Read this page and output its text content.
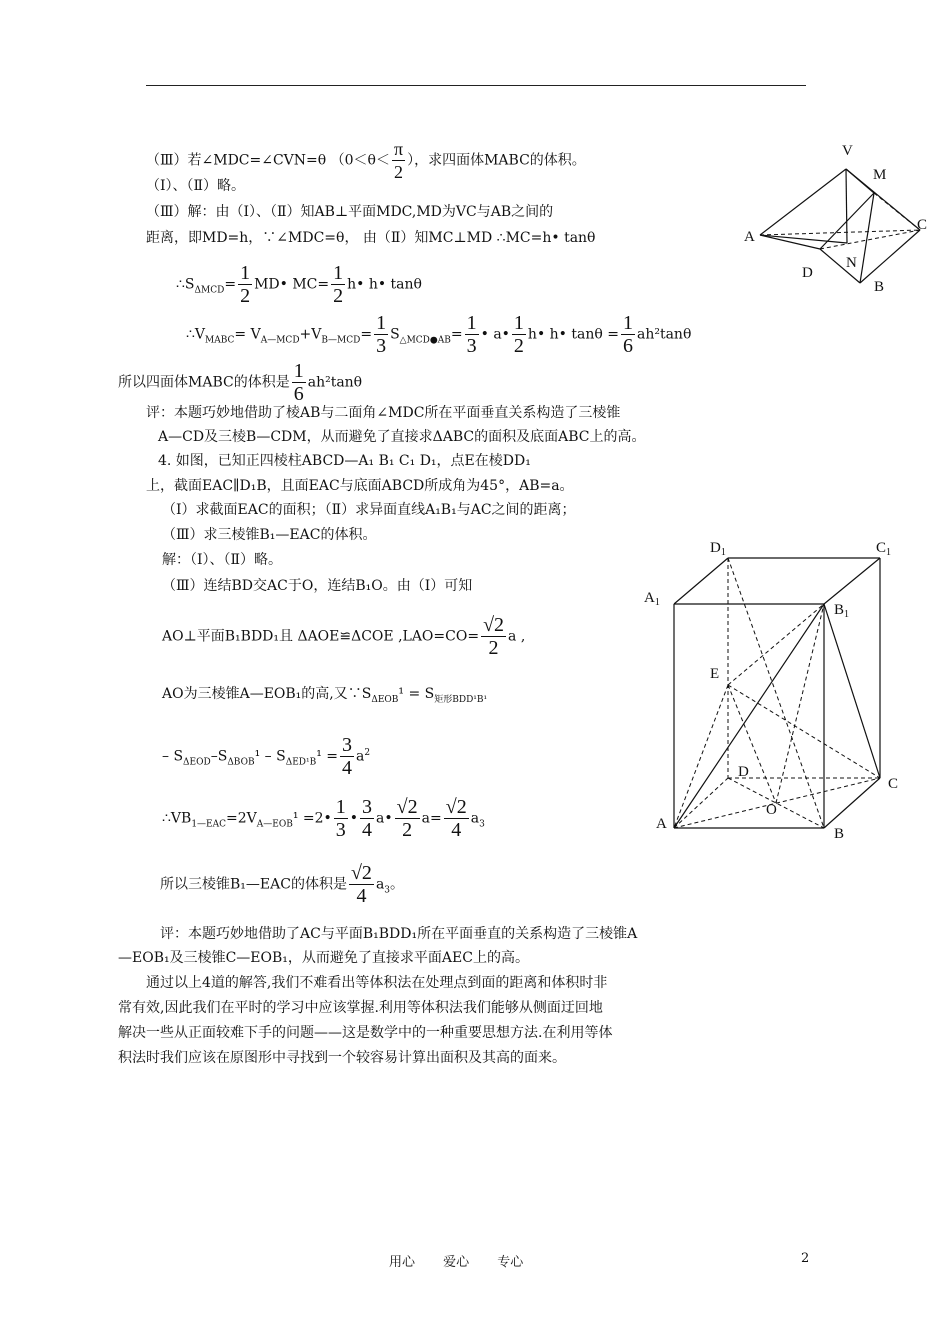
（Ⅲ）若∠MDC=∠CVN=θ （$0<\theta< \frac{\pi}{2}$ ），求四面体MABC的体积。
（Ⅰ）、（Ⅱ）略。
（Ⅲ）解：由（Ⅰ）、（Ⅱ）知AB⊥平面MDC,MD为VC与AB之间的
距离，即MD=h，∵∠MDC=θ， 由（Ⅱ）知MC⊥MD ∴MC=h• tanθ
$\therefore S_{\Delta MCD}= \frac{1}{2}$ MD• $MC= \frac{1}{2}$ h• h• tanθ
$\therefore V_{MABC}= V_{A—MCD}+V_{B—MCD}= \frac{1}{3} S_{\triangle MCD●AB}= \frac{1}{3}$ • a• $\frac{1}{2}$ h• h• $\tan\theta = \frac{1}{6} ah^2\tan\theta$
所以四面体MABC的体积是 $\frac{1}{6} ah^2\tan\theta$
评：本题巧妙地借助了棱AB与二面角∠MDC所在平面垂直关系构造了三棱锥
A—CD及三棱B—CDM，从而避免了直接求ΔABC的面积及底面ABC上的高。
4. 如图，已知正四棱柱ABCD—A₁ B₁ C₁ D₁，点E在棱DD₁
上，截面EAC∥D₁B，且面EAC与底面ABCD所成角为45°，AB=a。
（Ⅰ）求截面EAC的面积；（Ⅱ）求异面直线A₁B₁与AC之间的距离；
（Ⅲ）求三棱锥B₁—EAC的体积。
解：（Ⅰ）、（Ⅱ）略。
（Ⅲ）连结BD交AC于O，连结B₁O。由（Ⅰ）可知
AO⊥平面B₁BDD₁且 ΔAOE≌ΔCOE $,LAO=CO= \frac{√2}{2}$ a ,
AO为三棱锥A—EOB₁的高,又$\because S_{\Delta EOB}^1 = S_{矩形BDD^1B^1}$
– $S_{\Delta EOD}-S_{\Delta BOB}^1 - S_{\Delta ED^1B}^1 = \frac{3}{4} a^2$
$\therefore VB_{1—EAC}=2V_{A—EOB}^1$ =2• $\frac{1}{3}$ • $\frac{3}{4}$ a• $\frac{√2}{2} a= \frac{√2}{4} a_3$
所以三棱锥B₁—EAC的体积是 $\frac{√2}{4} a_3$。
评：本题巧妙地借助了AC与平面B₁BDD₁所在平面垂直的关系构造了三棱锥A
—EOB₁及三棱锥C—EOB₁，从而避免了直接求平面AEC上的高。
通过以上4道的解答,我们不难看出等体积法在处理点到面的距离和体积时非
常有效,因此我们在平时的学习中应该掌握.利用等体积法我们能够从侧面迂回地
解决一些从正面较难下手的问题——这是数学中的一种重要思想方法.在利用等体
积法时我们应该在原图形中寻找到一个较容易计算出面积及其高的面来。
V
M
A
C
N
D
B
$D_1$	$C_1$
$A_1$	$B_1$
E
D
C
O
A
B
用心 爱心 专心	2
